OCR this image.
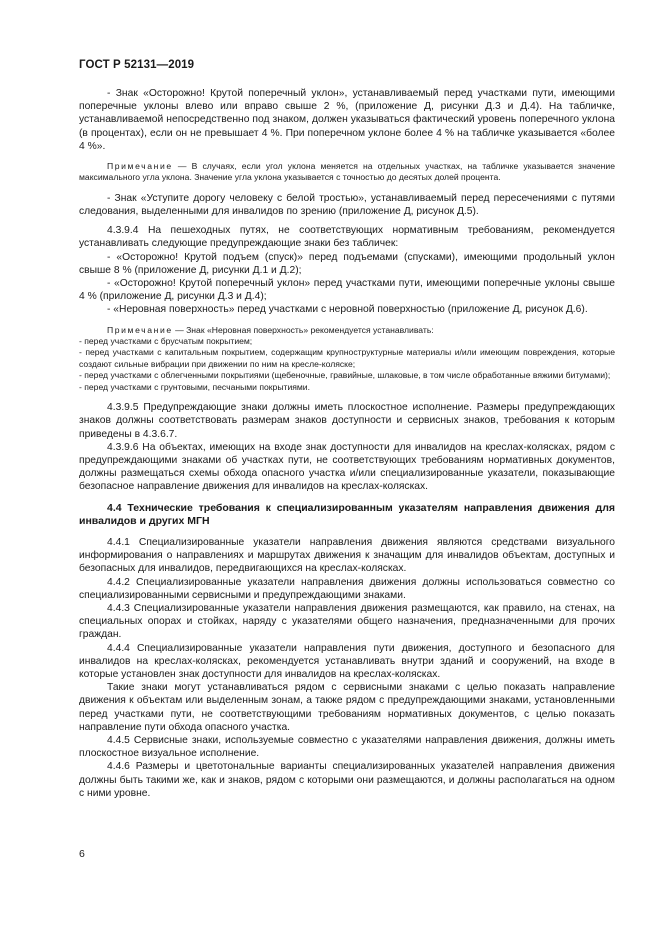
ГОСТ Р 52131—2019

- Знак «Осторожно! Крутой поперечный уклон», устанавливаемый перед участками пути, имеющими поперечные уклоны влево или вправо свыше 2 %, (приложение Д, рисунки Д.3 и Д.4). На табличке, устанавливаемой непосредственно под знаком, должен указываться фактический уровень поперечного уклона (в процентах), если он не превышает 4 %. При поперечном уклоне более 4 % на табличке указывается «более 4 %».

Примечание — В случаях, если угол уклона меняется на отдельных участках, на табличке указывается значение максимального угла уклона. Значение угла уклона указывается с точностью до десятых долей процента.

- Знак «Уступите дорогу человеку с белой тростью», устанавливаемый перед пересечениями с путями следования, выделенными для инвалидов по зрению (приложение Д, рисунок Д.5).

4.3.9.4 На пешеходных путях, не соответствующих нормативным требованиям, рекомендуется устанавливать следующие предупреждающие знаки без табличек:

- «Осторожно! Крутой подъем (спуск)» перед подъемами (спусками), имеющими продольный уклон свыше 8 % (приложение Д, рисунки Д.1 и Д.2);

- «Осторожно! Крутой поперечный уклон» перед участками пути, имеющими поперечные уклоны свыше 4 % (приложение Д, рисунки Д.3 и Д.4);

- «Неровная поверхность» перед участками с неровной поверхностью (приложение Д, рисунок Д.6).

Примечание — Знак «Неровная поверхность» рекомендуется устанавливать:
- перед участками с брусчатым покрытием;
- перед участками с капитальным покрытием, содержащим крупноструктурные материалы и/или имеющим повреждения, которые создают сильные вибрации при движении по ним на кресле-коляске;
- перед участками с облегченными покрытиями (щебеночные, гравийные, шлаковые, в том числе обработанные вяжими битумами);
- перед участками с грунтовыми, песчаными покрытиями.

4.3.9.5 Предупреждающие знаки должны иметь плоскостное исполнение. Размеры предупреждающих знаков должны соответствовать размерам знаков доступности и сервисных знаков, требования к которым приведены в 4.3.6.7.

4.3.9.6 На объектах, имеющих на входе знак доступности для инвалидов на креслах-колясках, рядом с предупреждающими знаками об участках пути, не соответствующих требованиям нормативных документов, должны размещаться схемы обхода опасного участка и/или специализированные указатели, показывающие безопасное направление движения для инвалидов на креслах-колясках.

4.4 Технические требования к специализированным указателям направления движения для инвалидов и других МГН

4.4.1 Специализированные указатели направления движения являются средствами визуального информирования о направлениях и маршрутах движения к значащим для инвалидов объектам, доступных и безопасных для инвалидов, передвигающихся на креслах-колясках.

4.4.2 Специализированные указатели направления движения должны использоваться совместно со специализированными сервисными и предупреждающими знаками.

4.4.3 Специализированные указатели направления движения размещаются, как правило, на стенах, на специальных опорах и стойках, наряду с указателями общего назначения, предназначенными для прочих граждан.

4.4.4 Специализированные указатели направления пути движения, доступного и безопасного для инвалидов на креслах-колясках, рекомендуется устанавливать внутри зданий и сооружений, на входе в которые установлен знак доступности для инвалидов на креслах-колясках.

Такие знаки могут устанавливаться рядом с сервисными знаками с целью показать направление движения к объектам или выделенным зонам, а также рядом с предупреждающими знаками, установленными перед участками пути, не соответствующими требованиям нормативных документов, с целью показать направление пути обхода опасного участка.

4.4.5 Сервисные знаки, используемые совместно с указателями направления движения, должны иметь плоскостное визуальное исполнение.

4.4.6 Размеры и цветотональные варианты специализированных указателей направления движения должны быть такими же, как и знаков, рядом с которыми они размещаются, и должны располагаться на одном с ними уровне.

6
